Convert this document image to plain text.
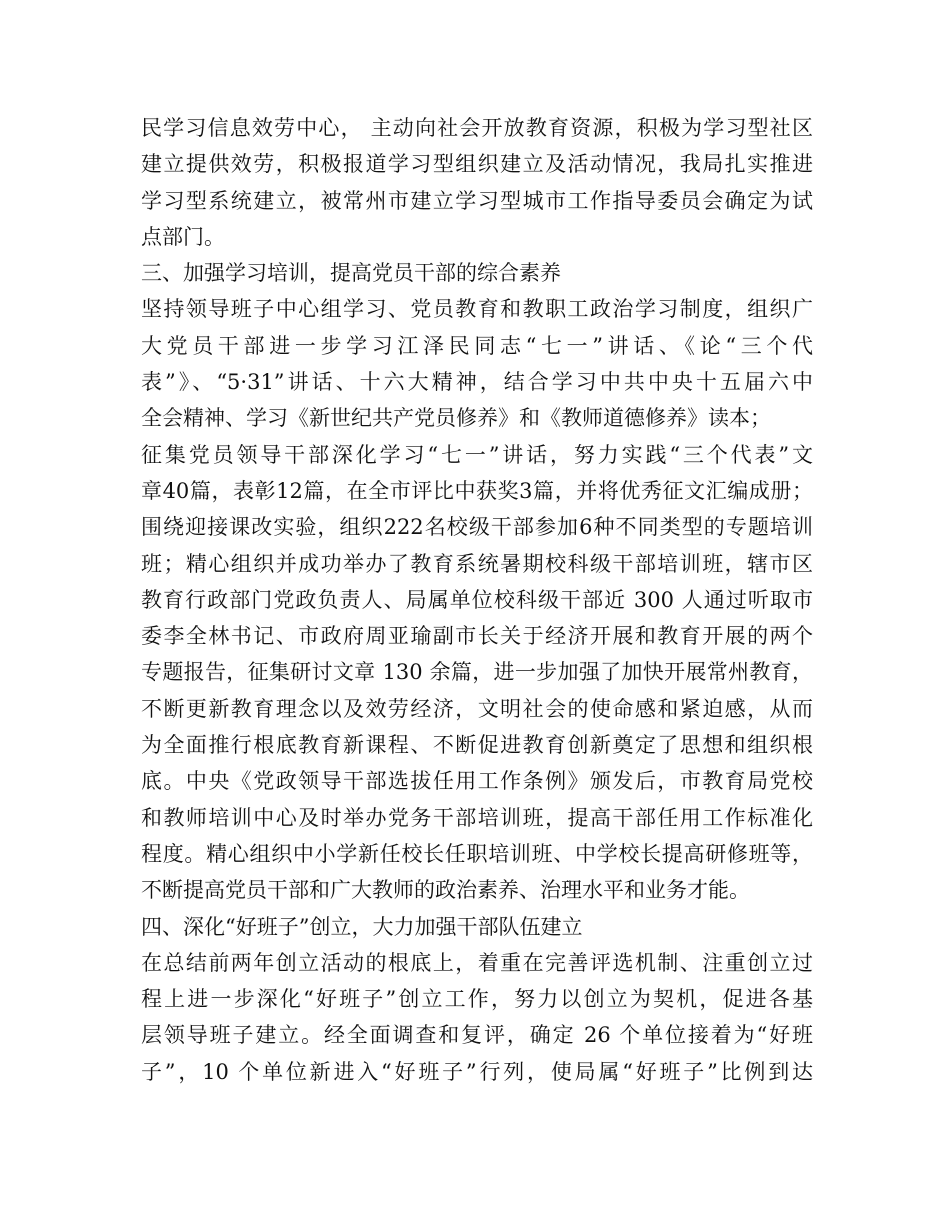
民学习信息效劳中心， 主动向社会开放教育资源，积极为学习型社区
建立提供效劳，积极报道学习型组织建立及活动情况，我局扎实推进
学习型系统建立，被常州市建立学习型城市工作指导委员会确定为试
点部门。
三、加强学习培训，提高党员干部的综合素养
坚持领导班子中心组学习、党员教育和教职工政治学习制度，组织广
大党员干部进一步学习江泽民同志“七一”讲话、《论“三个代
表”》、“5·31”讲话、十六大精神，结合学习中共中央十五届六中
全会精神、学习《新世纪共产党员修养》和《教师道德修养》读本；
征集党员领导干部深化学习“七一”讲话，努力实践“三个代表”文
章40篇，表彰12篇，在全市评比中获奖3篇，并将优秀征文汇编成册；
围绕迎接课改实验，组织222名校级干部参加6种不同类型的专题培训
班；精心组织并成功举办了教育系统暑期校科级干部培训班，辖市区
教育行政部门党政负责人、局属单位校科级干部近 300 人通过听取市
委李全林书记、市政府周亚瑜副市长关于经济开展和教育开展的两个
专题报告，征集研讨文章 130 余篇，进一步加强了加快开展常州教育，
不断更新教育理念以及效劳经济，文明社会的使命感和紧迫感，从而
为全面推行根底教育新课程、不断促进教育创新奠定了思想和组织根
底。中央《党政领导干部选拔任用工作条例》颁发后，市教育局党校
和教师培训中心及时举办党务干部培训班，提高干部任用工作标准化
程度。精心组织中小学新任校长任职培训班、中学校长提高研修班等，
不断提高党员干部和广大教师的政治素养、治理水平和业务才能。
四、深化“好班子”创立，大力加强干部队伍建立
在总结前两年创立活动的根底上，着重在完善评选机制、注重创立过
程上进一步深化“好班子”创立工作，努力以创立为契机，促进各基
层领导班子建立。经全面调查和复评，确定 26 个单位接着为“好班
子”，10 个单位新进入“好班子”行列，使局属“好班子”比例到达
